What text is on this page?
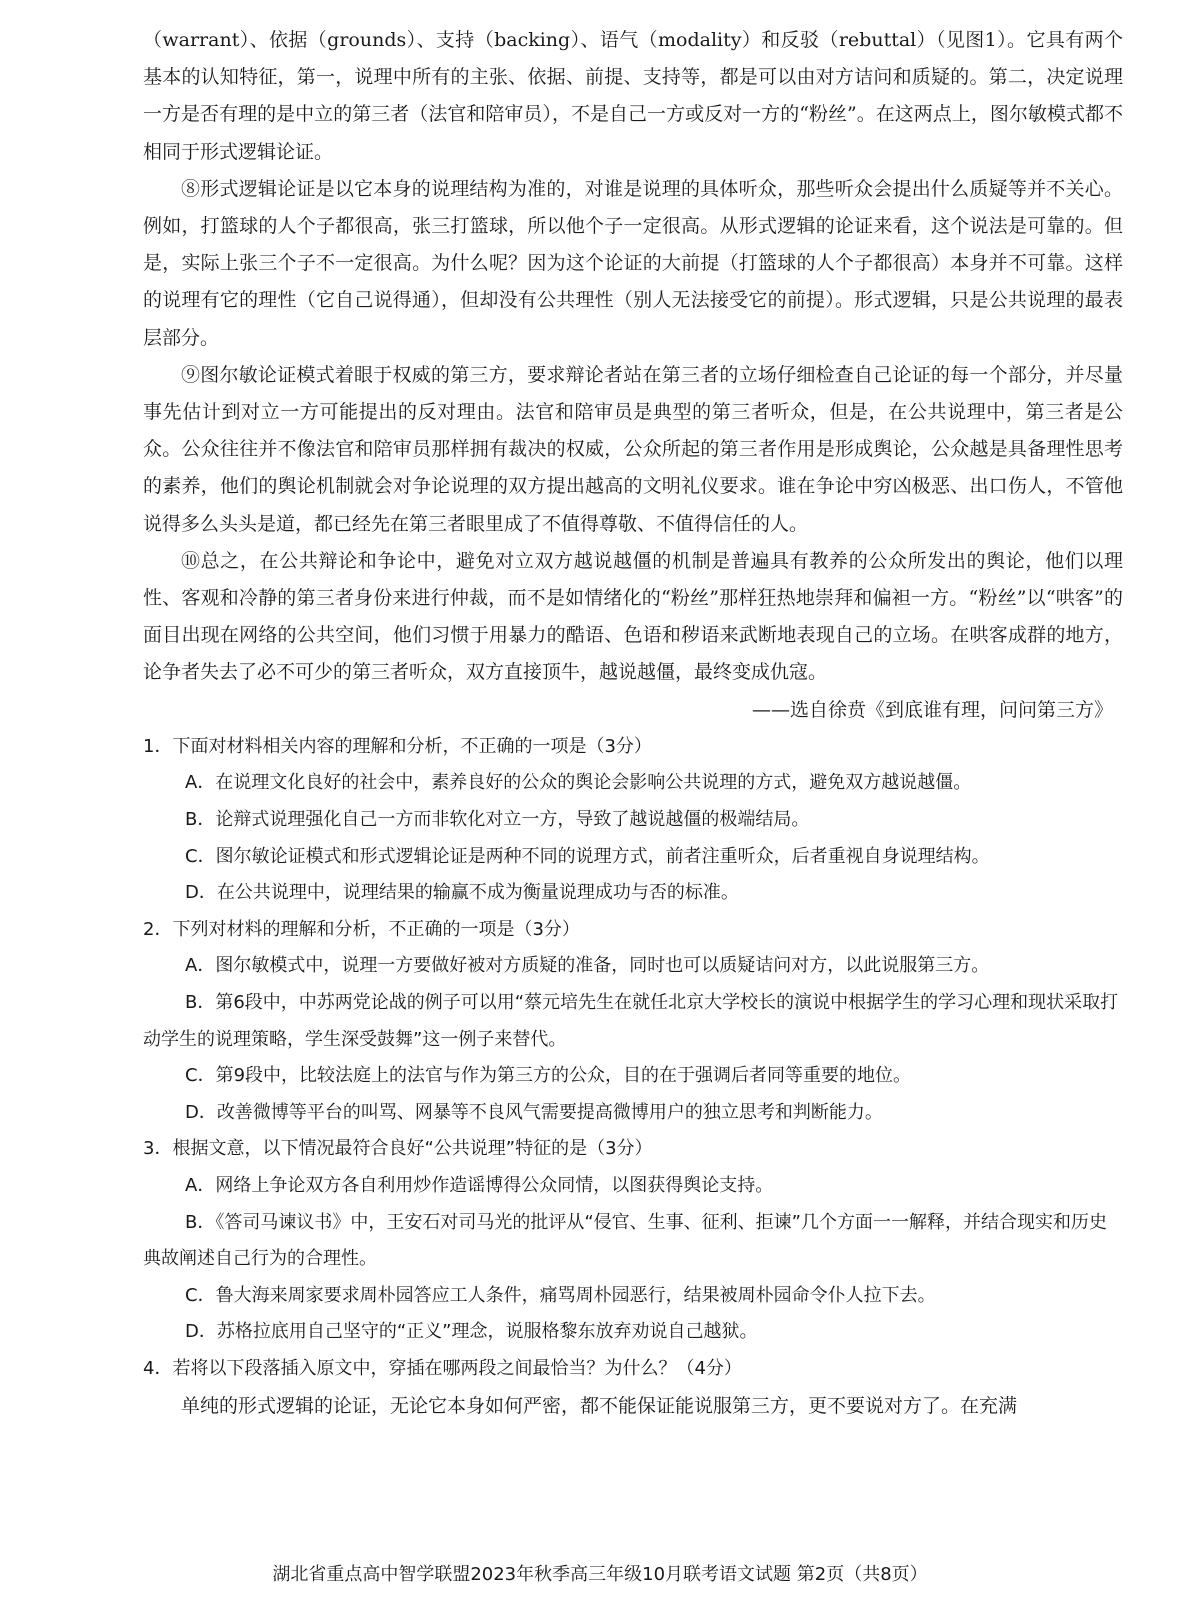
（warrant）、依据（grounds）、支持（backing）、语气（modality）和反驳（rebuttal）（见图1）。它具有两个基本的认知特征，第一，说理中所有的主张、依据、前提、支持等，都是可以由对方诘问和质疑的。第二，决定说理一方是否有理的是中立的第三者（法官和陪审员），不是自己一方或反对一方的“粉丝”。在这两点上，图尔敏模式都不相同于形式逻辑论证。

⑧形式逻辑论证是以它本身的说理结构为准的，对谁是说理的具体听众，那些听众会提出什么质疑等并不关心。例如，打篮球的人个子都很高，张三打篮球，所以他个子一定很高。从形式逻辑的论证来看，这个说法是可靠的。但是，实际上张三个子不一定很高。为什么呢？因为这个论证的大前提（打篮球的人个子都很高）本身并不可靠。这样的说理有它的理性（它自己说得通），但却没有公共理性（别人无法接受它的前提）。形式逻辑，只是公共说理的最表层部分。

⑨图尔敏论证模式着眼于权威的第三方，要求辩论者站在第三者的立场仔细检查自己论证的每一个部分，并尽量事先估计到对立一方可能提出的反对理由。法官和陪审员是典型的第三者听众，但是，在公共说理中，第三者是公众。公众往往并不像法官和陪审员那样拥有裁决的权威，公众所起的第三者作用是形成舆论，公众越是具备理性思考的素养，他们的舆论机制就会对争论说理的双方提出越高的文明礼仪要求。谁在争论中穷凶极恶、出口伤人，不管他说得多么头头是道，都已经先在第三者眼里成了不值得尊敬、不值得信任的人。

⑩总之，在公共辩论和争论中，避免对立双方越说越僵的机制是普遍具有教养的公众所发出的舆论，他们以理性、客观和冷静的第三者身份来进行仲裁，而不是如情绪化的“粉丝”那样狂热地崇拜和偏袒一方。“粉丝”以“哄客”的面目出现在网络的公共空间，他们习惯于用暴力的酷语、色语和秽语来武断地表现自己的立场。在哄客成群的地方，论争者失去了必不可少的第三者听众，双方直接顶牛，越说越僵，最终变成仇寇。

——选自徐贲《到底谁有理，问问第三方》

1．下面对材料相关内容的理解和分析，不正确的一项是（3分）

A．在说理文化良好的社会中，素养良好的公众的舆论会影响公共说理的方式，避免双方越说越僵。

B．论辩式说理强化自己一方而非软化对立一方，导致了越说越僵的极端结局。

C．图尔敏论证模式和形式逻辑论证是两种不同的说理方式，前者注重听众，后者重视自身说理结构。

D．在公共说理中，说理结果的输赢不成为衡量说理成功与否的标准。

2．下列对材料的理解和分析，不正确的一项是（3分）

A．图尔敏模式中，说理一方要做好被对方质疑的准备，同时也可以质疑诘问对方，以此说服第三方。

B．第6段中，中苏两党论战的例子可以用“蔡元培先生在就任北京大学校长的演说中根据学生的学习心理和现状采取打动学生的说理策略，学生深受鼓舞”这一例子来替代。

C．第9段中，比较法庭上的法官与作为第三方的公众，目的在于强调后者同等重要的地位。

D．改善微博等平台的叫骂、网暴等不良风气需要提高微博用户的独立思考和判断能力。

3．根据文意，以下情况最符合良好“公共说理”特征的是（3分）

A．网络上争论双方各自利用炒作造谣博得公众同情，以图获得舆论支持。

B．《答司马谏议书》中，王安石对司马光的批评从“侵官、生事、征利、拒谏”几个方面一一解释，并结合现实和历史典故阐述自己行为的合理性。

C．鲁大海来周家要求周朴园答应工人条件，痛骂周朴园恶行，结果被周朴园命令仆人拉下去。

D．苏格拉底用自己坚守的“正义”理念，说服格黎东放弃劝说自己越狱。

4．若将以下段落插入原文中，穿插在哪两段之间最恰当？为什么？（4分）

单纯的形式逻辑的论证，无论它本身如何严密，都不能保证能说服第三方，更不要说对方了。在充满

湖北省重点高中智学联盟2023年秋季高三年级10月联考语文试题 第2页（共8页）
